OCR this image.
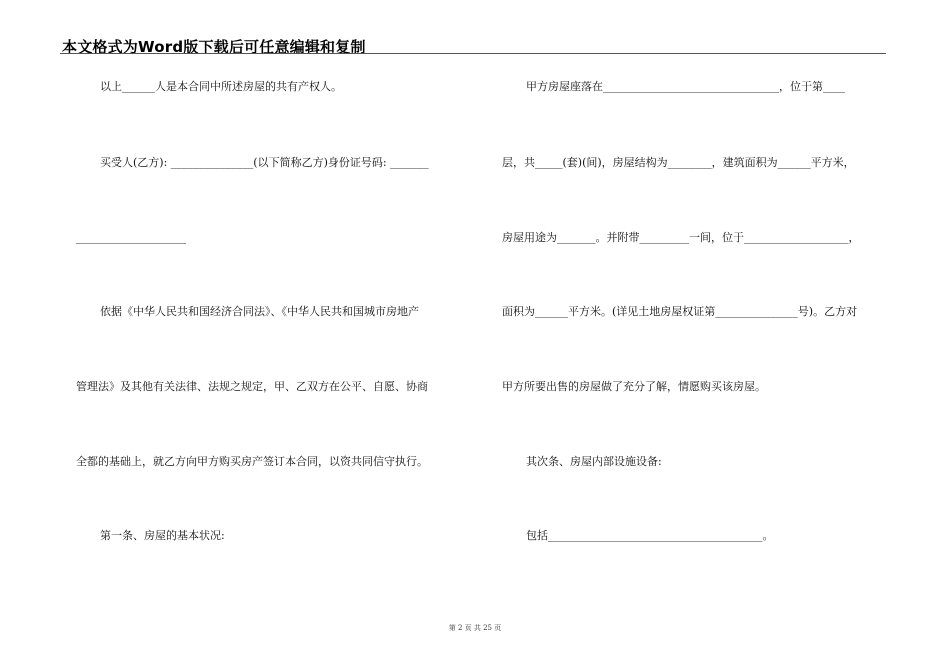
本文格式为Word版下载后可任意编辑和复制
以上______人是本合同中所述房屋的共有产权人。
买受人(乙方): _______________(以下简称乙方)身份证号码: _______
____________________
依据《中华人民共和国经济合同法》、《中华人民共和国城市房地产
管理法》及其他有关法律、法规之规定，甲、乙双方在公平、自愿、协商
全都的基础上，就乙方向甲方购买房产签订本合同，以资共同信守执行。
第一条、房屋的基本状况:
甲方房屋座落在________________________________，位于第____
层，共_____(套)(间)，房屋结构为________，建筑面积为______平方米，
房屋用途为_______。并附带_________一间，位于___________________，
面积为______平方米。(详见土地房屋权证第_______________号)。乙方对
甲方所要出售的房屋做了充分了解，情愿购买该房屋。
其次条、房屋内部设施设备:
包括_______________________________________。
第 2 页 共 25 页
